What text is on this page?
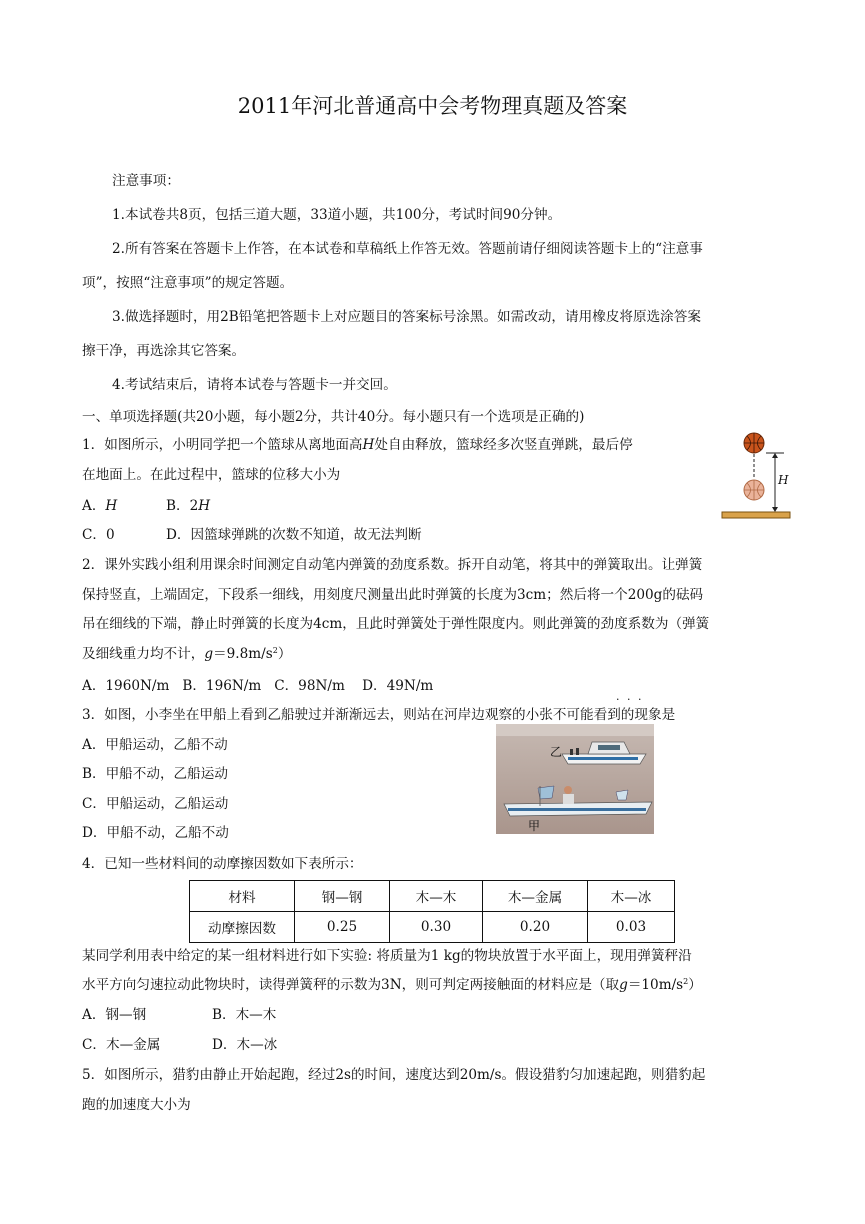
2011年河北普通高中会考物理真题及答案
注意事项：
1.本试卷共8页，包括三道大题，33道小题，共100分，考试时间90分钟。
2.所有答案在答题卡上作答，在本试卷和草稿纸上作答无效。答题前请仔细阅读答题卡上的“注意事
项”，按照“注意事项”的规定答题。
3.做选择题时，用2B铅笔把答题卡上对应题目的答案标号涂黑。如需改动，请用橡皮将原选涂答案
擦干净，再选涂其它答案。
4.考试结束后，请将本试卷与答题卡一并交回。
一、单项选择题(共20小题，每小题2分，共计40分。每小题只有一个选项是正确的)
1．如图所示，小明同学把一个篮球从离地面高H处自由释放，篮球经多次竖直弹跳，最后停
在地面上。在此过程中，篮球的位移大小为
A．H	B．2H
C．0	D．因篮球弹跳的次数不知道，故无法判断
H
2．课外实践小组利用课余时间测定自动笔内弹簧的劲度系数。拆开自动笔，将其中的弹簧取出。让弹簧
保持竖直，上端固定，下段系一细线，用刻度尺测量出此时弹簧的长度为3cm；然后将一个200g的砝码
吊在细线的下端，静止时弹簧的长度为4cm，且此时弹簧处于弹性限度内。则此弹簧的劲度系数为（弹簧
及细线重力均不计，$g=9.8m/s^2$）
A．1960N/m   B．196N/m   C．98N/m    D．49N/m
3．如图，小李坐在甲船上看到乙船驶过并渐渐远去，则站在河岸边观察的小张不可能看到的现象是
· · ·
A．甲船运动，乙船不动
B．甲船不动，乙船运动
C．甲船运动，乙船运动
D．甲船不动，乙船不动
乙
甲
4．已知一些材料间的动摩擦因数如下表所示：
材料	钢—钢	木—木	木—金属	木—冰
动摩擦因数	0.25	0.30	0.20	0.03
某同学利用表中给定的某一组材料进行如下实验: 将质量为1 kg的物块放置于水平面上，现用弹簧秤沿
水平方向匀速拉动此物块时，读得弹簧秤的示数为3N，则可判定两接触面的材料应是（取$g=10m/s^2$）
A．钢—钢	B．木—木
C．木—金属	D．木—冰
5．如图所示，猎豹由静止开始起跑，经过2s的时间，速度达到20m/s。假设猎豹匀加速起跑，则猎豹起
跑的加速度大小为
